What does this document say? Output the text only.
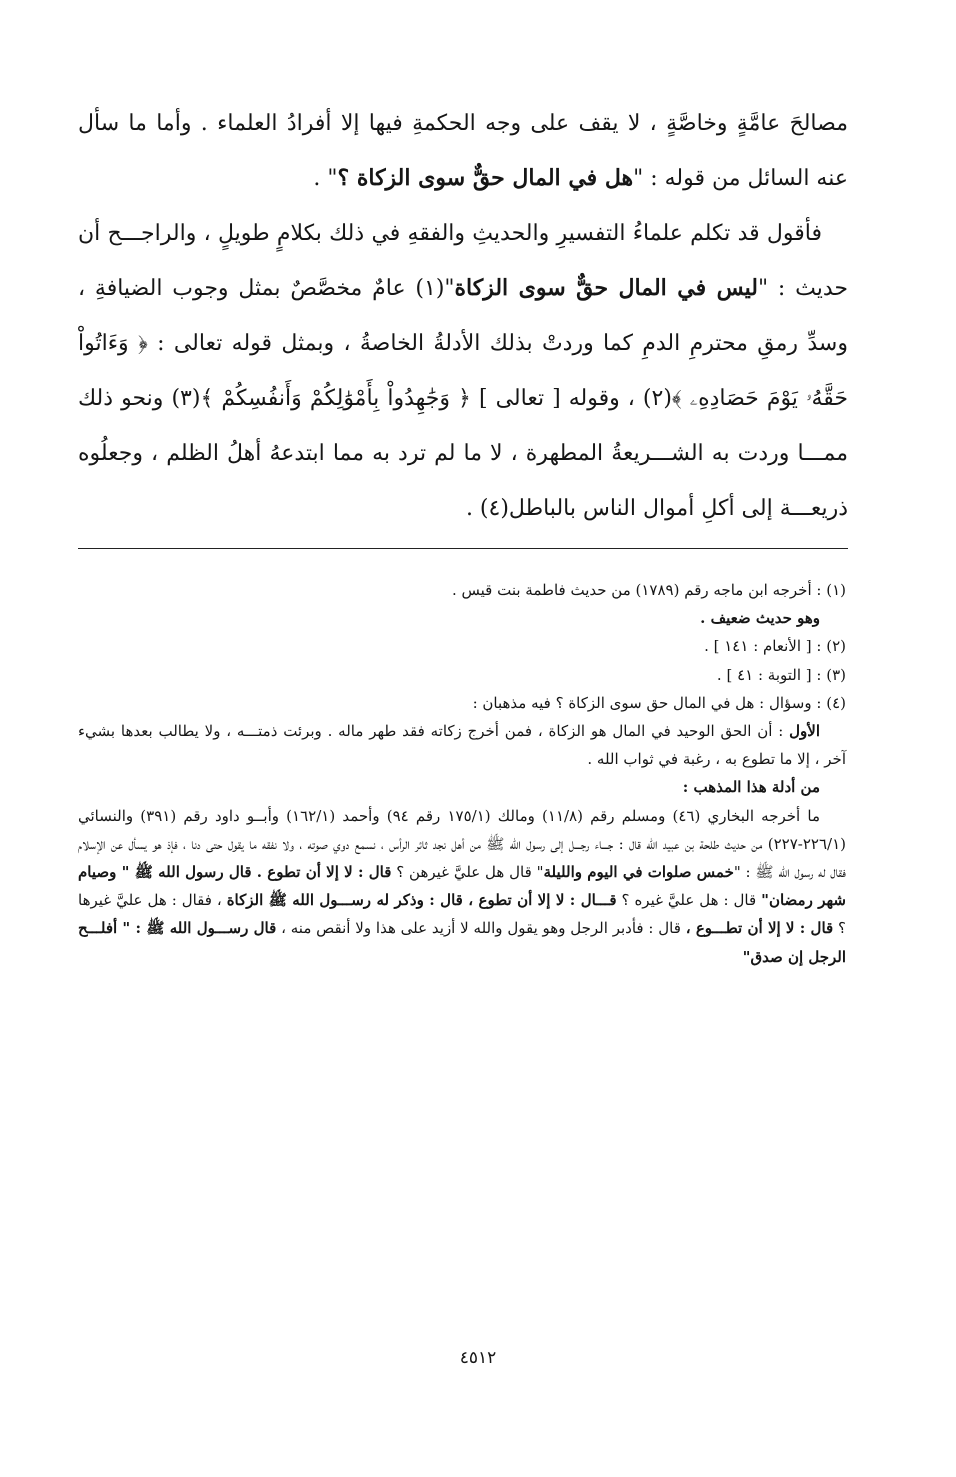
مصالحَ عامَّةٍ وخاصَّةٍ ، لا يقف على وجه الحكمةِ فيها إلا أفرادُ العلماء . وأما ما سأل عنه السائل من قوله : "هل في المال حقٌّ سوى الزكاة ؟" .

فأقول قد تكلم علماءُ التفسيرِ والحديثِ والفقهِ في ذلك بكلامٍ طويلٍ ، والراجـــح أن حديث : "ليس في المال حقٌّ سوى الزكاة"(١) عامٌ مخصَّصٌ بمثل وجوب الضيافةِ ، وسدِّ رمقِ محترمِ الدمِ كما وردتْ بذلك الأدلةُ الخاصةُ ، وبمثل قوله تعالى : ﴿ وَءَاتُواْ حَقَّهُۥ يَوْمَ حَصَادِهِۦ ﴾(٢) ، وقوله [ تعالى ] ﴿ وَجَٰهِدُواْ بِأَمْوَٰلِكُمْ وَأَنفُسِكُمْ ﴾(٣) ونحو ذلك ممـــا وردت به الشـــريعةُ المطهرة ، لا ما لم ترد به مما ابتدعهُ أهلُ الظلم ، وجعلُوه ذريعـــة إلى أكلِ أموال الناس بالباطل(٤) .

(١) : أخرجه ابن ماجه رقم (١٧٨٩) من حديث فاطمة بنت قيس .

وهو حديث ضعيف .

(٢) : [ الأنعام : ١٤١ ] .

(٣) : [ التوبة : ٤١ ] .

(٤) : وسؤال : هل في المال حق سوى الزكاة ؟ فيه مذهبان :

الأول : أن الحق الوحيد في المال هو الزكاة ، فمن أخرج زكاته فقد طهر ماله . وبرئت ذمتـــه ، ولا يطالب بعدها بشيء آخر ، إلا ما تطوع به ، رغبة في ثواب الله .

من أدلة هذا المذهب :

ما أخرجه البخاري (٤٦) ومسلم رقم (١١/٨) ومالك (١٧٥/١ رقم ٩٤) وأحمد (١٦٢/١) وأبــو داود رقم (٣٩١) والنسائي (٢٢٦/١-٢٢٧) من حديث طلحة بن عبيد الله قال : جـــاء رجـــل إلى رسول الله ﷺ من أهل نجد ثائر الرأس ، نسمع دوي صوته ، ولا نفقه ما يقول حتى دنا ، فإذ هو يسأل عن الإسلام فقال له رسول الله ﷺ : "خمس صلوات في اليوم والليلة" قال هل عليَّ غيرهن ؟ قال : لا إلا أن تطوع . قال رسول الله ﷺ " وصيام شهر رمضان" قال : هل عليَّ غيره ؟ قـــال : لا إلا أن تطوع ، قال : وذكر له رســـول الله ﷺ الزكاة ، فقال : هل عليَّ غيرها ؟ قال : لا إلا أن تطـــوع ، قال : فأدبر الرجل وهو يقول والله لا أزيد على هذا ولا أنقص منه ، قال رســـول الله ﷺ : " أفلـــح الرجل إن صدق"

٤٥١٢
